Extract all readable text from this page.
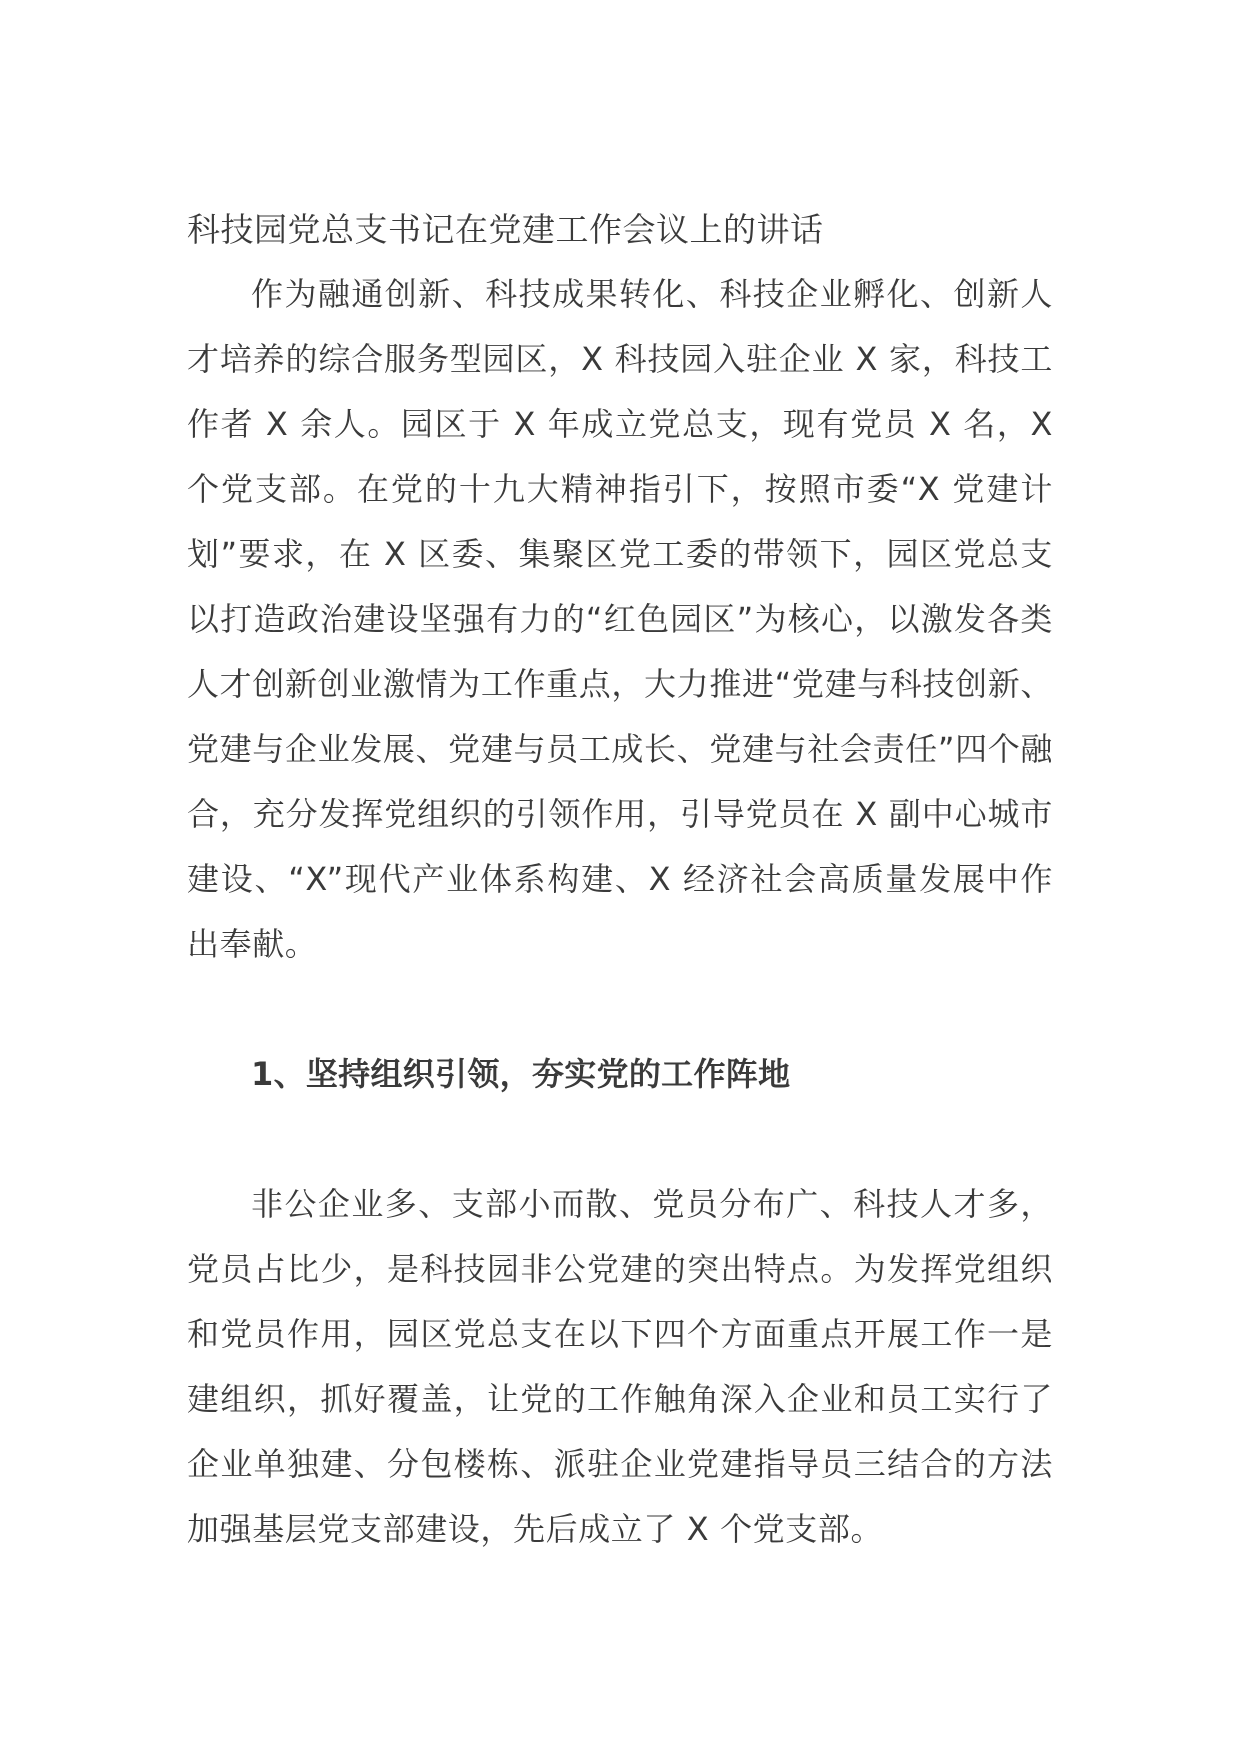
科技园党总支书记在党建工作会议上的讲话

作为融通创新、科技成果转化、科技企业孵化、创新人才培养的综合服务型园区，X 科技园入驻企业 X 家，科技工作者 X 余人。园区于 X 年成立党总支，现有党员 X 名，X 个党支部。在党的十九大精神指引下，按照市委“X 党建计划”要求，在 X 区委、集聚区党工委的带领下，园区党总支以打造政治建设坚强有力的“红色园区”为核心，以激发各类人才创新创业激情为工作重点，大力推进“党建与科技创新、党建与企业发展、党建与员工成长、党建与社会责任”四个融合，充分发挥党组织的引领作用，引导党员在 X 副中心城市建设、“X”现代产业体系构建、X 经济社会高质量发展中作出奉献。

1、坚持组织引领，夯实党的工作阵地

非公企业多、支部小而散、党员分布广、科技人才多，党员占比少，是科技园非公党建的突出特点。为发挥党组织和党员作用，园区党总支在以下四个方面重点开展工作一是建组织，抓好覆盖，让党的工作触角深入企业和员工实行了企业单独建、分包楼栋、派驻企业党建指导员三结合的方法加强基层党支部建设，先后成立了 X 个党支部。
